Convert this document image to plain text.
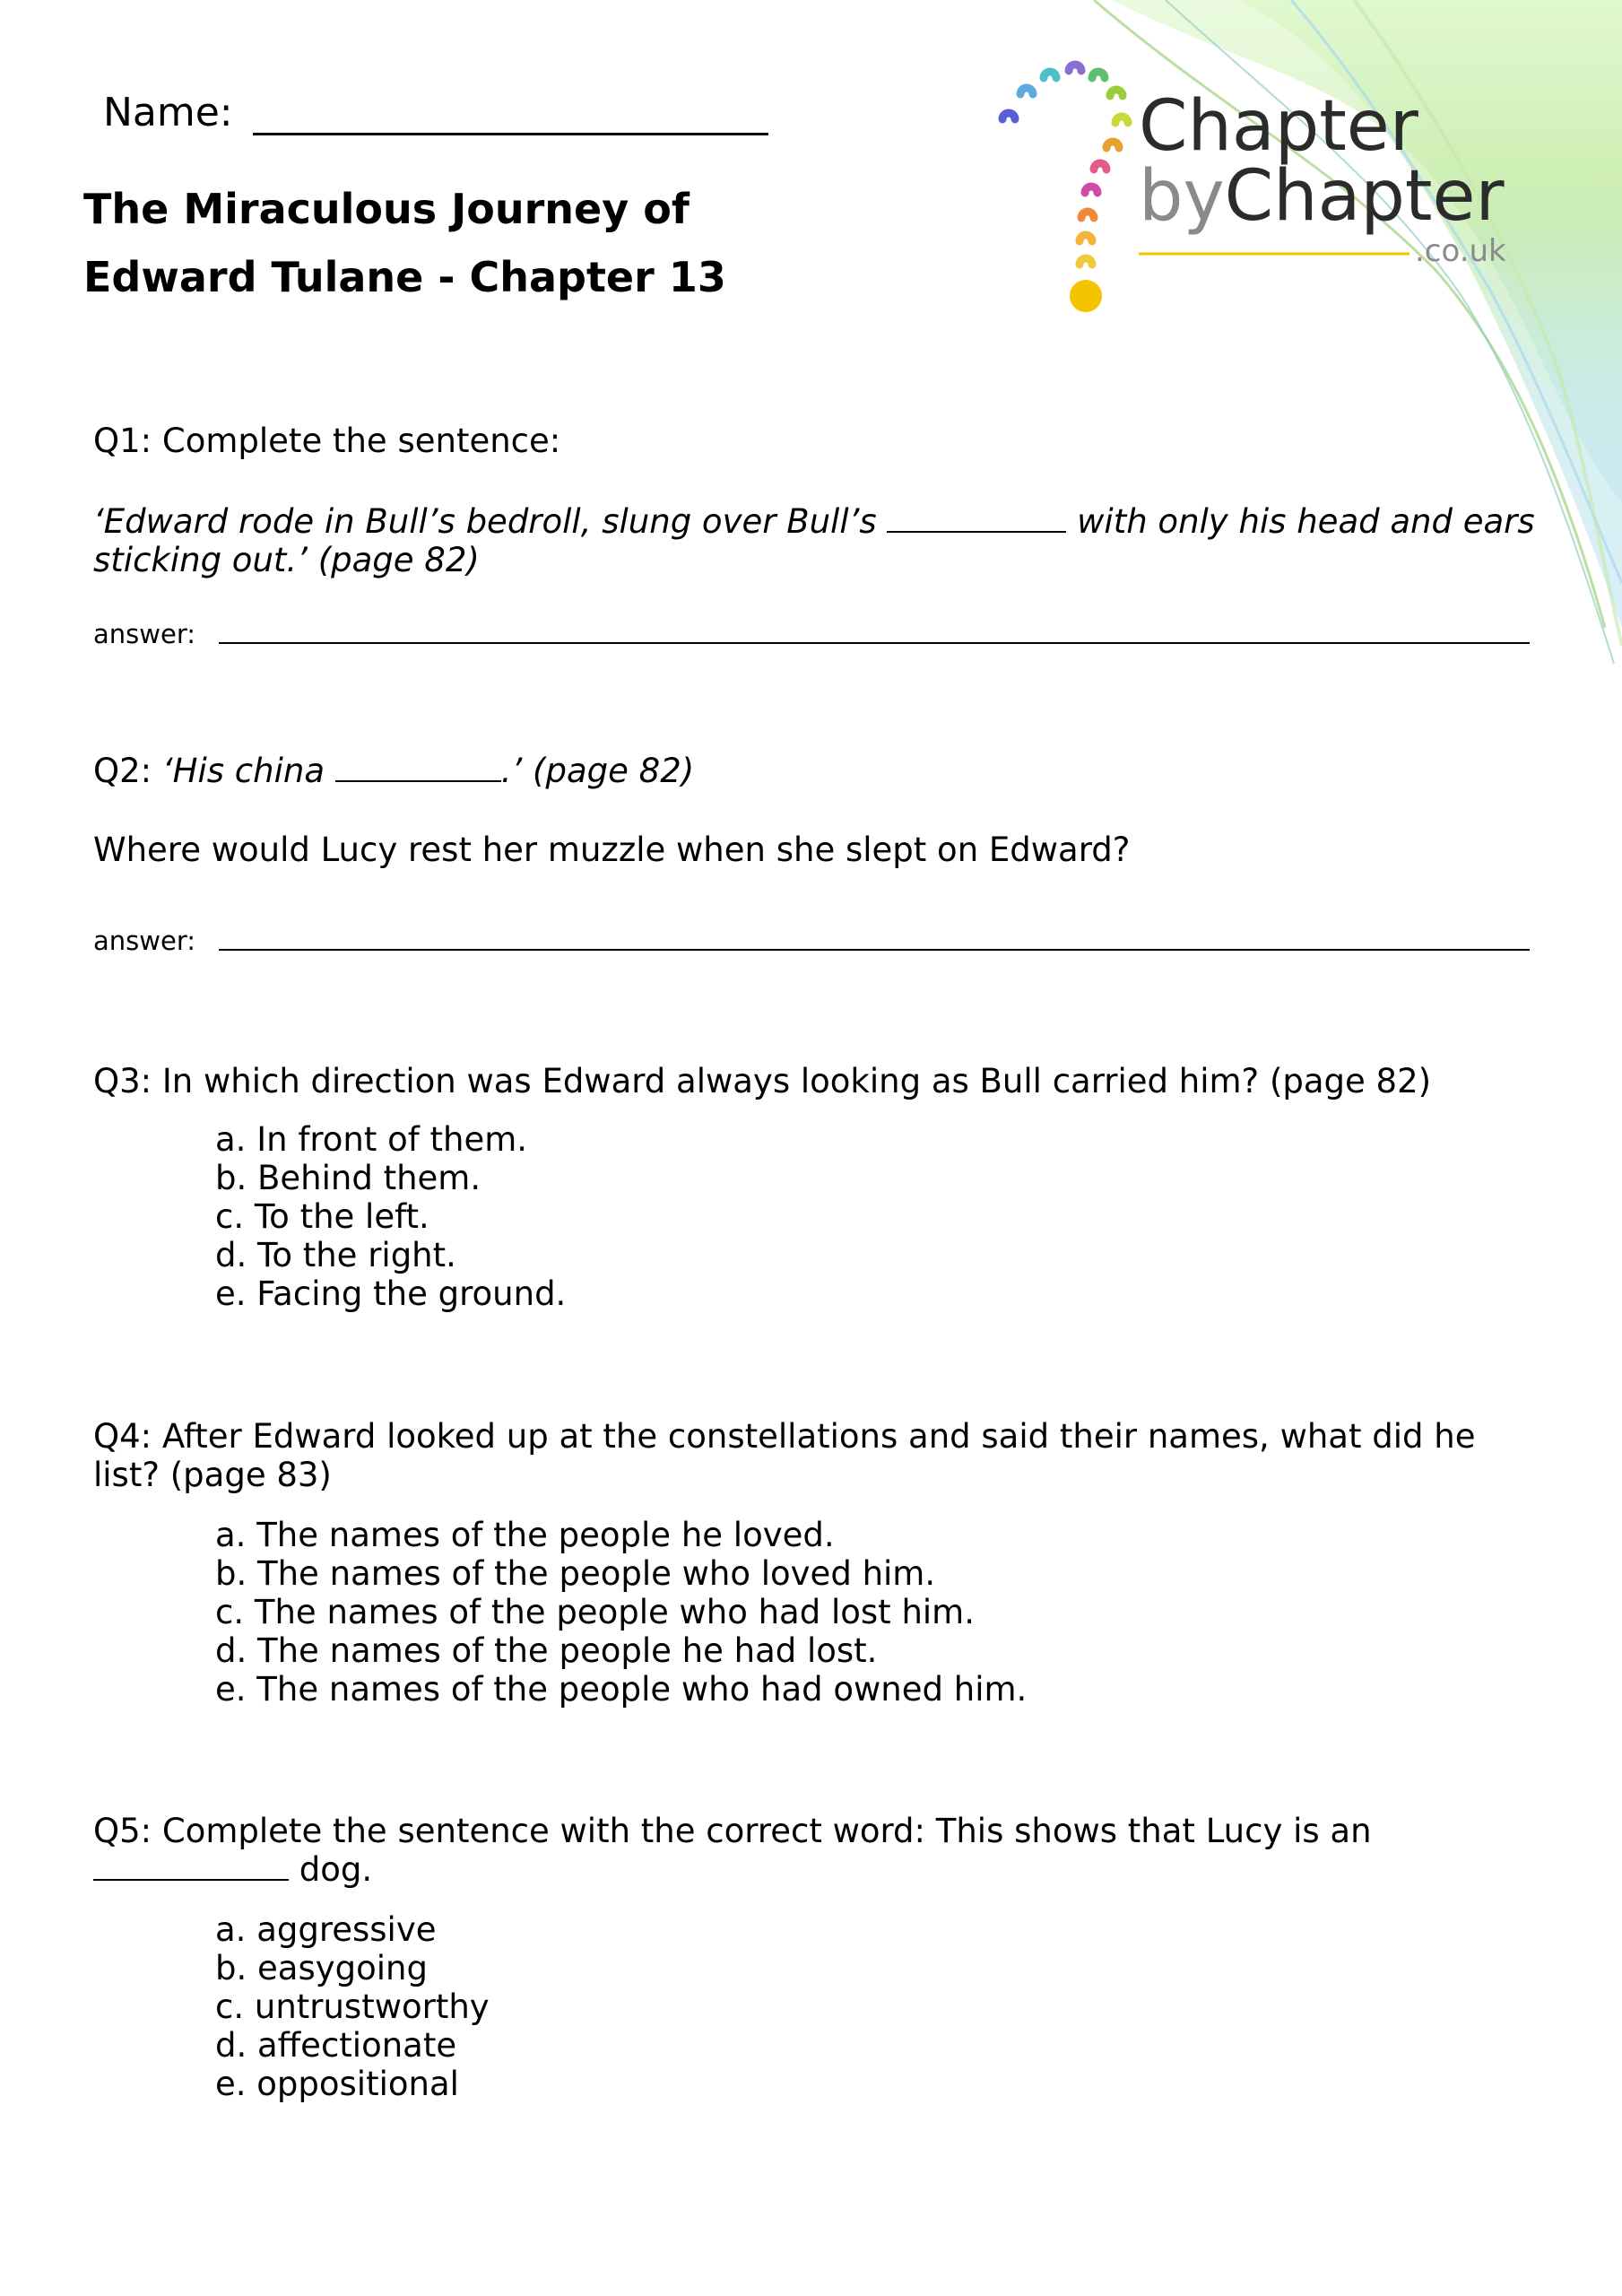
Chapter
byChapter
.co.uk
Name:
The Miraculous Journey of
Edward Tulane - Chapter 13
Q1: Complete the sentence:
‘Edward rode in Bull’s bedroll, slung over Bull’s	with only his head and ears
sticking out.’ (page 82)
answer:
Q2: ‘His china	.’ (page 82)
Where would Lucy rest her muzzle when she slept on Edward?
answer:
Q3: In which direction was Edward always looking as Bull carried him? (page 82)
a. In front of them.
b. Behind them.
c. To the left.
d. To the right.
e. Facing the ground.
Q4: After Edward looked up at the constellations and said their names, what did he
list? (page 83)
a. The names of the people he loved.
b. The names of the people who loved him.
c. The names of the people who had lost him.
d. The names of the people he had lost.
e. The names of the people who had owned him.
Q5: Complete the sentence with the correct word: This shows that Lucy is an
dog.
a. aggressive
b. easygoing
c. untrustworthy
d. affectionate
e. oppositional
